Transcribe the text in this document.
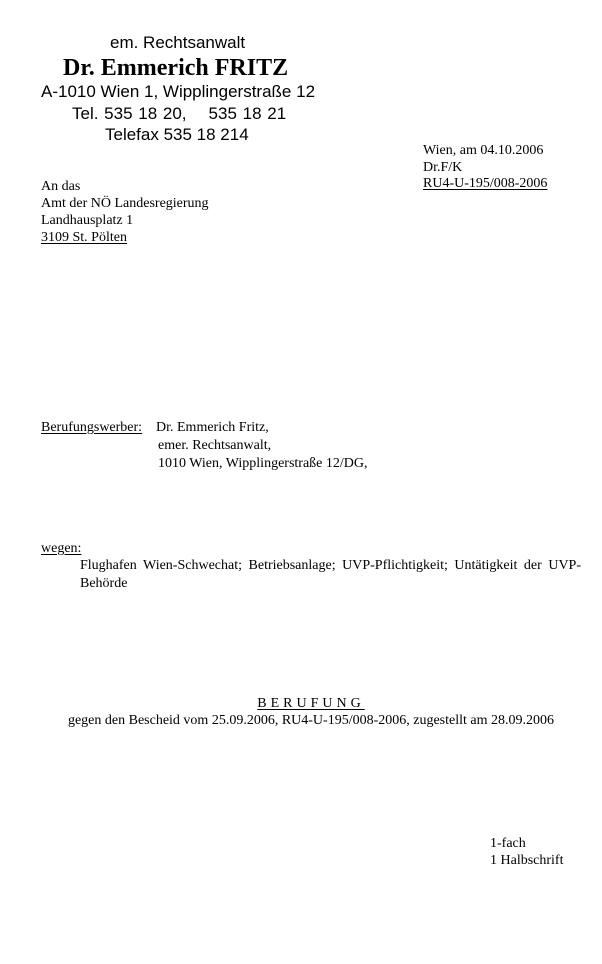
em. Rechtsanwalt
Dr. Emmerich FRITZ
A-1010 Wien 1, Wipplingerstraße 12
Tel. 535 18 20, 535 18 21
Telefax 535 18 214
Wien, am 04.10.2006
Dr.F/K
RU4-U-195/008-2006
An das
Amt der NÖ Landesregierung
Landhausplatz 1
3109 St. Pölten
Berufungswerber: Dr. Emmerich Fritz,
emer. Rechtsanwalt,
1010 Wien, Wipplingerstraße 12/DG,
wegen:
Flughafen Wien-Schwechat; Betriebsanlage; UVP-Pflichtigkeit; Untätigkeit der UVP-Behörde
BERUFUNG
gegen den Bescheid vom 25.09.2006, RU4-U-195/008-2006, zugestellt am 28.09.2006
1-fach
1 Halbschrift
